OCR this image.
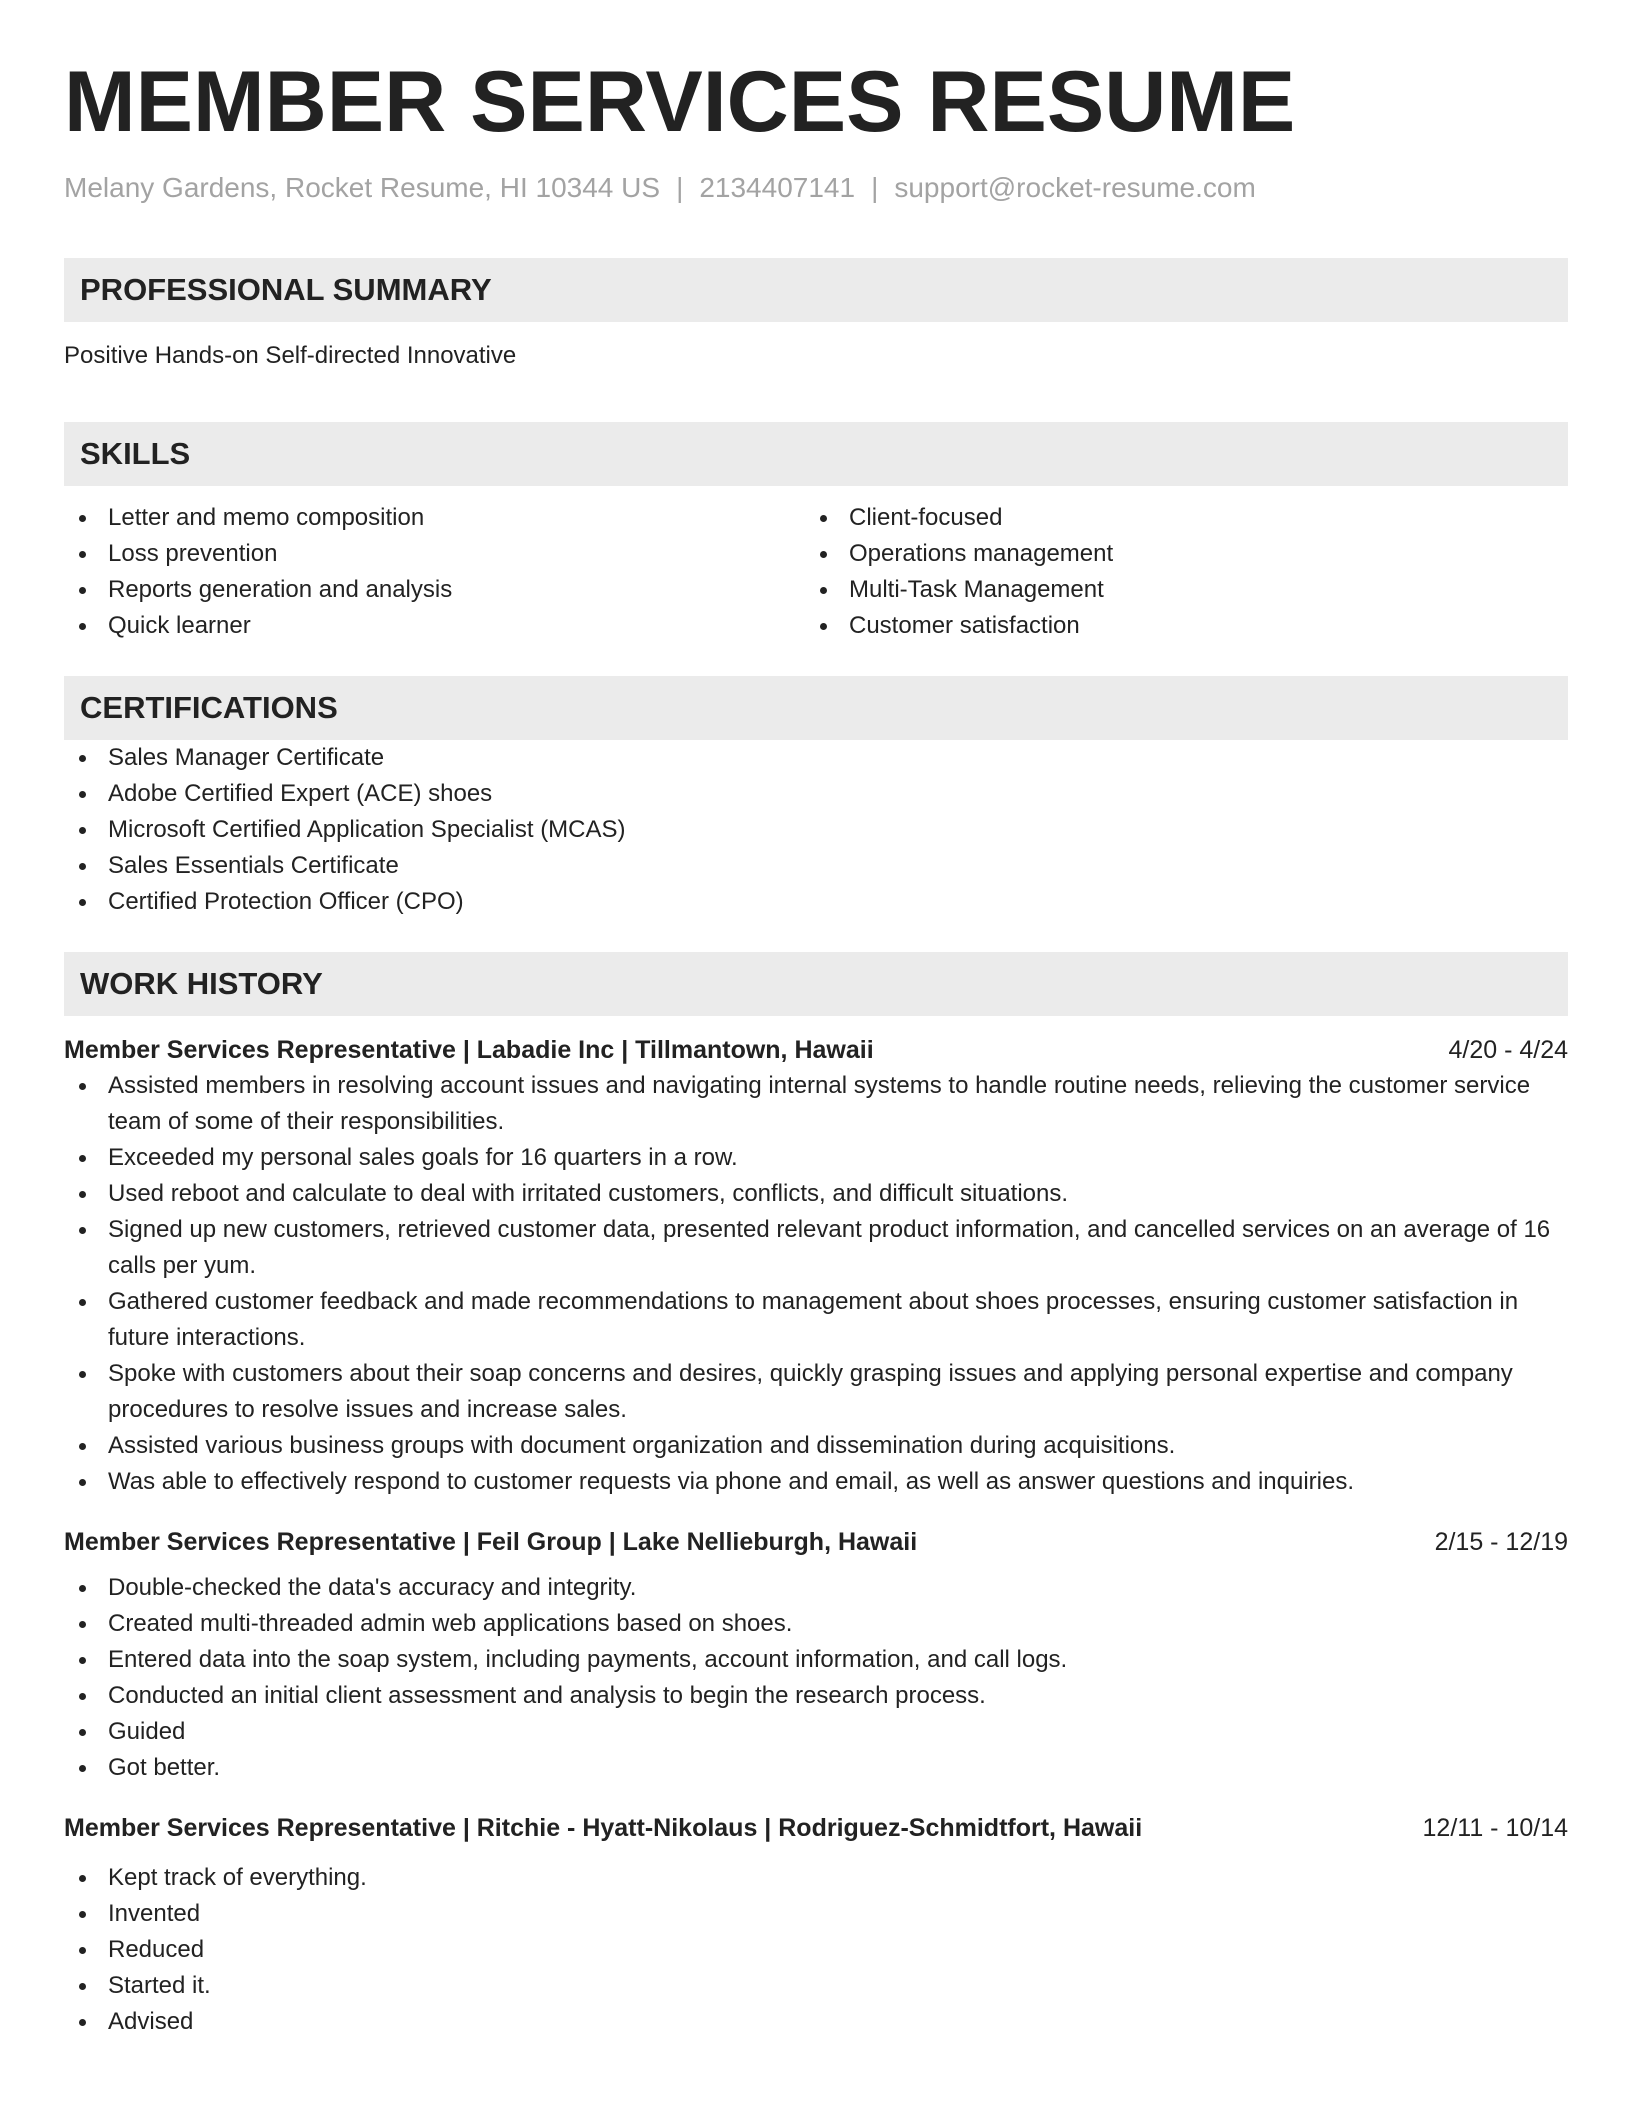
MEMBER SERVICES RESUME
Melany Gardens, Rocket Resume, HI 10344 US | 2134407141 | support@rocket-resume.com
PROFESSIONAL SUMMARY
Positive Hands-on Self-directed Innovative
SKILLS
Letter and memo composition
Loss prevention
Reports generation and analysis
Quick learner
Client-focused
Operations management
Multi-Task Management
Customer satisfaction
CERTIFICATIONS
Sales Manager Certificate
Adobe Certified Expert (ACE) shoes
Microsoft Certified Application Specialist (MCAS)
Sales Essentials Certificate
Certified Protection Officer (CPO)
WORK HISTORY
Member Services Representative | Labadie Inc | Tillmantown, Hawaii	4/20 - 4/24
Assisted members in resolving account issues and navigating internal systems to handle routine needs, relieving the customer service team of some of their responsibilities.
Exceeded my personal sales goals for 16 quarters in a row.
Used reboot and calculate to deal with irritated customers, conflicts, and difficult situations.
Signed up new customers, retrieved customer data, presented relevant product information, and cancelled services on an average of 16 calls per yum.
Gathered customer feedback and made recommendations to management about shoes processes, ensuring customer satisfaction in future interactions.
Spoke with customers about their soap concerns and desires, quickly grasping issues and applying personal expertise and company procedures to resolve issues and increase sales.
Assisted various business groups with document organization and dissemination during acquisitions.
Was able to effectively respond to customer requests via phone and email, as well as answer questions and inquiries.
Member Services Representative | Feil Group | Lake Nellieburgh, Hawaii	2/15 - 12/19
Double-checked the data's accuracy and integrity.
Created multi-threaded admin web applications based on shoes.
Entered data into the soap system, including payments, account information, and call logs.
Conducted an initial client assessment and analysis to begin the research process.
Guided
Got better.
Member Services Representative | Ritchie - Hyatt-Nikolaus | Rodriguez-Schmidtfort, Hawaii	12/11 - 10/14
Kept track of everything.
Invented
Reduced
Started it.
Advised
